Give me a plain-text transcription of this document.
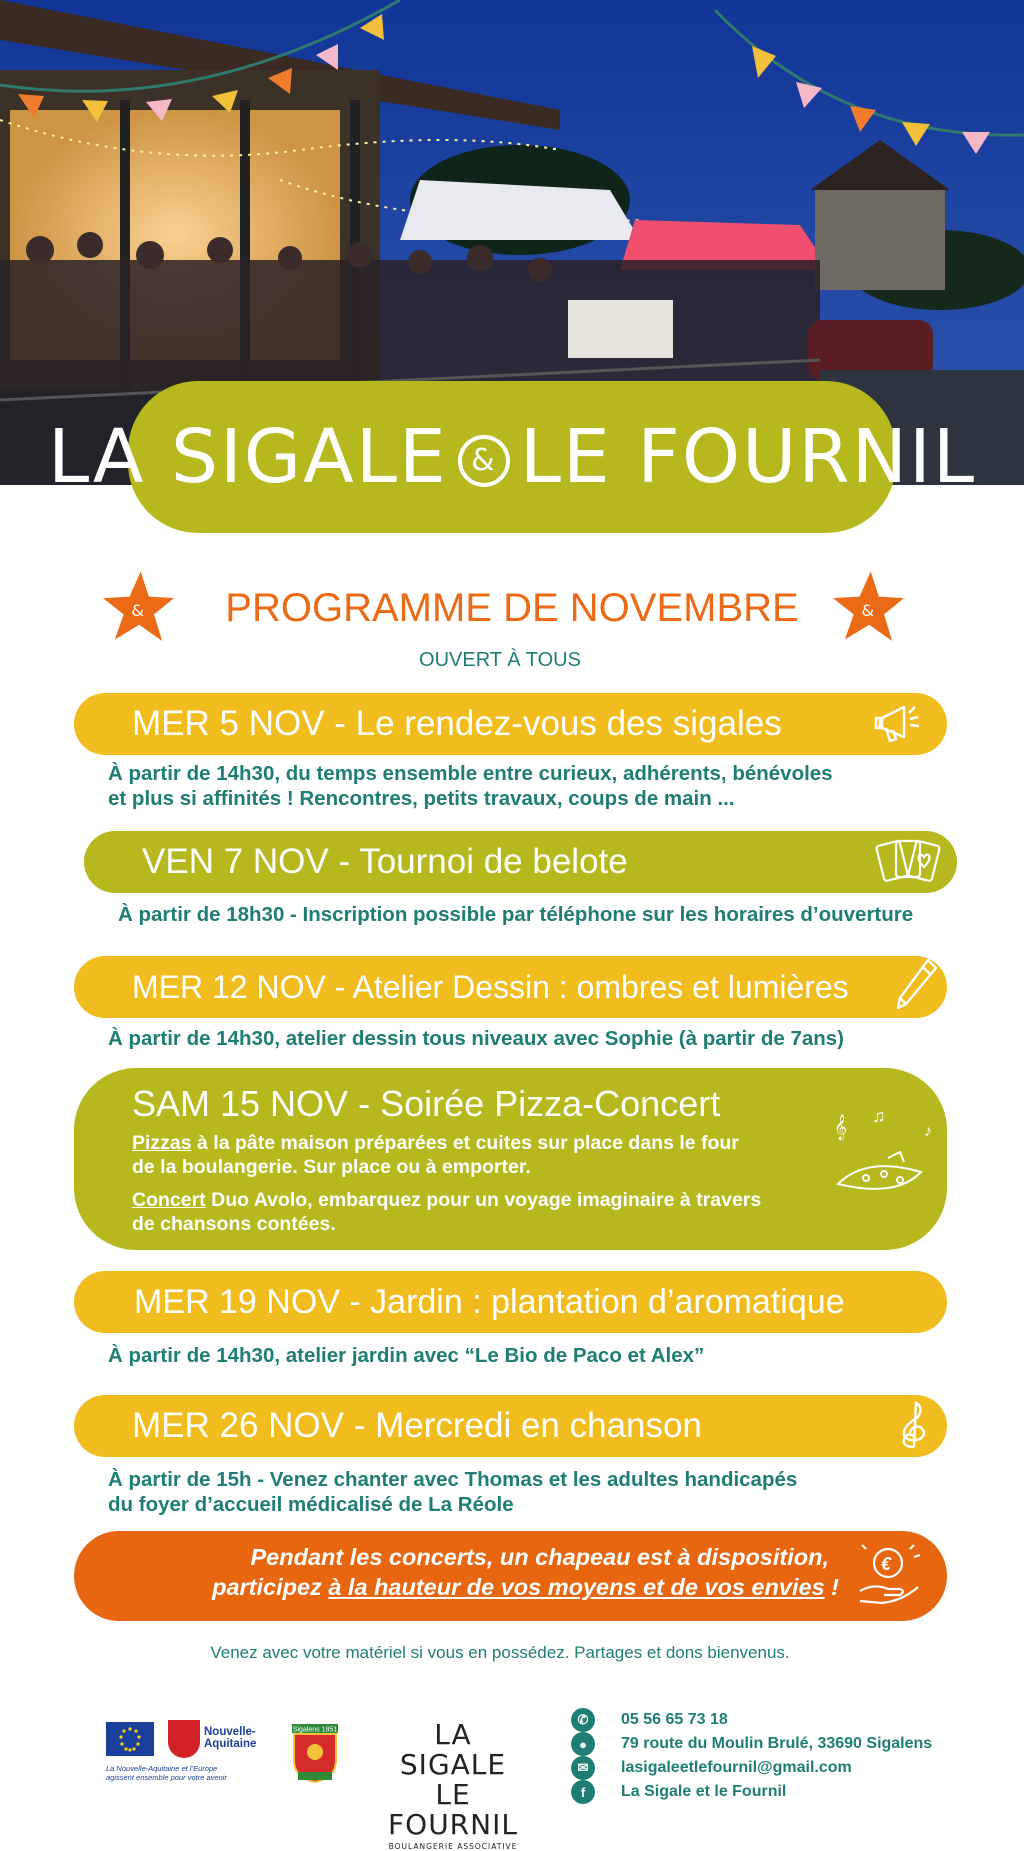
LA SIGALE & LE FOURNIL
&	&
PROGRAMME DE NOVEMBRE
OUVERT À TOUS
MER 5 NOV - Le rendez-vous des sigales
À partir de 14h30, du temps ensemble entre curieux, adhérents, bénévoles
et plus si affinités ! Rencontres, petits travaux, coups de main ...
VEN 7 NOV - Tournoi de belote
À partir de 18h30 - Inscription possible par téléphone sur les horaires d’ouverture
MER 12 NOV - Atelier Dessin : ombres et lumières
À partir de 14h30, atelier dessin tous niveaux avec Sophie (à partir de 7ans)
SAM 15 NOV - Soirée Pizza-Concert
Pizzas à la pâte maison préparées et cuites sur place dans le four
de la boulangerie. Sur place ou à emporter.
Concert Duo Avolo, embarquez pour un voyage imaginaire à travers
de chansons contées.
𝄞 ♫
♪
MER 19 NOV - Jardin : plantation d’aromatique
À partir de 14h30, atelier jardin avec “Le Bio de Paco et Alex”
MER 26 NOV - Mercredi en chanson
À partir de 15h - Venez chanter avec Thomas et les adultes handicapés
du foyer d’accueil médicalisé de La Réole
Pendant les concerts, un chapeau est à disposition,
participez à la hauteur de vos moyens et de vos envies !
€
Venez avec votre matériel si vous en possédez. Partages et dons bienvenus.
Nouvelle-
Aquitaine
La Nouvelle-Aquitaine et l’Europe
agissent ensemble pour votre avenir
Sigalens 1851	LA SIGALE
LE FOURNIL
BOULANGERIE ASSOCIATIVE
✆	05 56 65 73 18
●	79 route du Moulin Brulé, 33690 Sigalens
✉	lasigaleetlefournil@gmail.com
f	La Sigale et le Fournil
